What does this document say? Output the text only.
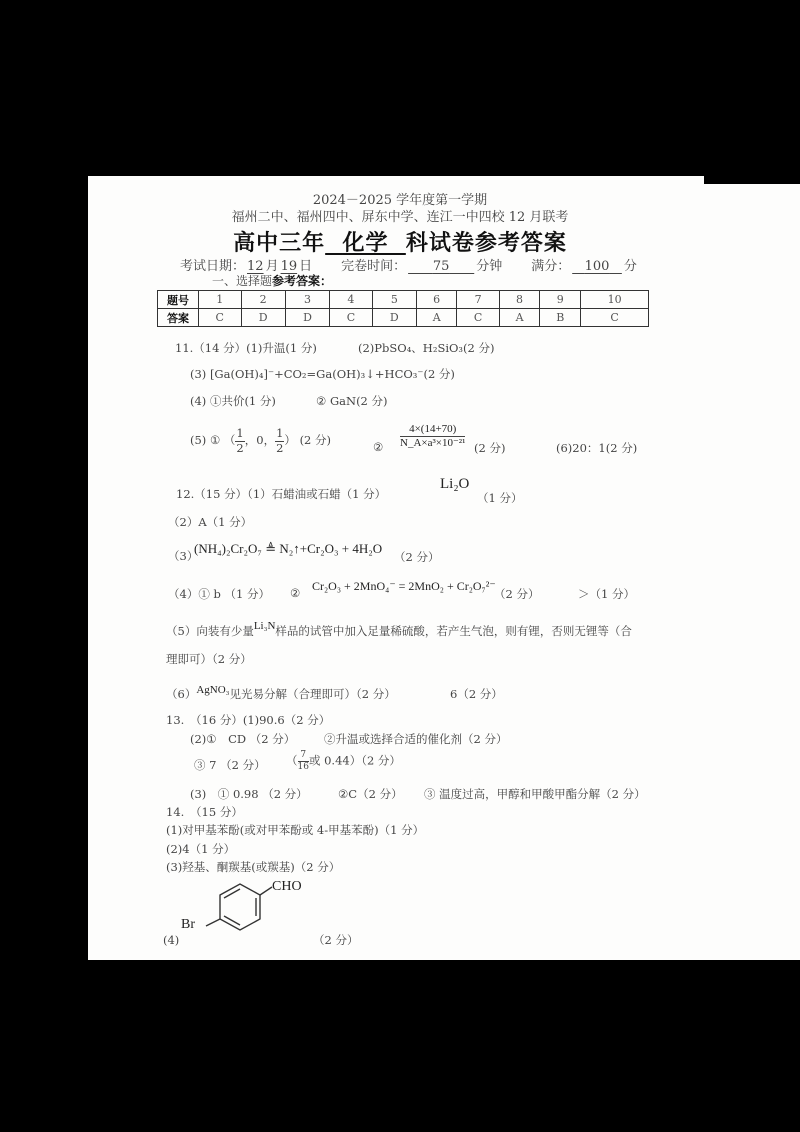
2024－2025 学年度第一学期
福州二中、福州四中、屏东中学、连江一中四校 12 月联考
高中三年 化学 科试卷参考答案
考试日期： 12 月 19 日 完卷时间： 75 分钟 满分： 100 分
一、选择题参考答案：
题号	1	2	3	4	5	6	7	8	9	10
答案	C	D	D	C	D	A	C	A	B	C
11.（14 分）(1)升温(1 分)	(2)PbSO₄、H₂SiO₃(2 分)
(3) [Ga(OH)₄]⁻+CO₂=Ga(OH)₃↓+HCO₃⁻(2 分)
(4) ①共价(1 分)	② GaN(2 分)
(5) ① （ $\frac{1}{2}$ ，0， $\frac{1}{2}$ ） (2 分)	② $\frac{4\times(14+70)}{\text{N\_A×a³×10⁻²¹}} (2$ 分)	(6)20：1(2 分)
12.（15 分）（1）石蜡油或石蜡（1 分）
Li₂O
（1 分）
（2）A（1 分）
（3）
(NH₄)₂Cr₂O₇ ≜ N₂↑+Cr₂O₃ + 4H₂O
（2 分）
（4）① b （1 分） ② Cr₂O₃ + 2MnO₄⁻ = 2MnO₂ + Cr₂O₇²⁻
（2 分）	＞（1 分）
（5）向装有少量Li₃N样品的试管中加入足量稀硫酸，若产生气泡，则有锂，否则无锂等（合
理即可）（2 分）
（6）AgNO₃见光易分解（合理即可）（2 分）	6（2 分）
13.　（16 分）(1)90.6（2 分）
(2)①　CD （2 分）	②升温或选择合适的催化剂（2 分）
③ 7 （2 分） （ $\frac{7}{16}$ 或 0.44）（2 分）
(3)　① 0.98 （2 分）	②C（2 分） ③ 温度过高，甲醇和甲酸甲酯分解（2 分）
14.　（15 分）
(1)对甲基苯酚(或对甲苯酚或 4-甲基苯酚)（1 分）
(2)4（1 分）
(3)羟基、酮羰基(或羰基)（2 分）
(4)
Br
CHO
（2 分）
